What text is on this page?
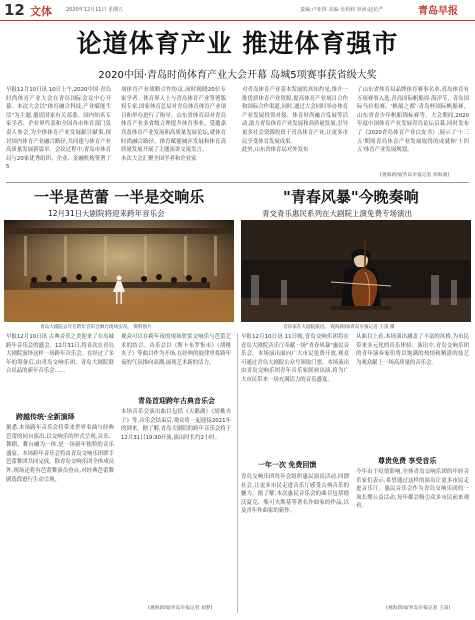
12 文体	2020年12月11日 星期五	责编:卢亚林 美编:吴莉莉 审读:赵仿严	青岛早报
论道体育产业 推进体育强市
2020中国·青岛时尚体育产业大会开幕 岛城5项赛事获省级大奖

早报12月10日讯 10日上午,2020中国·青岛时尚体育产业大会在青岛国际会议中心开幕。本次大会以"体育融合科技,产业赋能生活"为主题,邀请国家有关部委、国内知名专家学者、企业界代表和全国各市体育部门负责人参会,为全体体育产业发展献计献策,探讨国内体育产业融合路径,共同建与体育产业高质量发展新篇章。会议过程中,青岛市体育局与20家优秀组织、企业、金融机构签署了5

项体育产业战略合作协议,同时揭晓20位专家学者。体育界人士与青岛体育产业签署版权专家,国家体育总局对青岛体育体育产业项目和举办进行了指导。山东省体育局对青岛体育产业多省级合理提升体育事业。受邀嘉宾及体育产业发展和高质量发展论坛,就体育时尚融合路径、体育赋能城区发展和体育高质量发展开展了主题演讲交流发言。

本次大会汇聚全国学者和企业家

对青岛体育产业基本发展的真知灼见,推介一批优质体育产业资源,提高体育产业项目合作和国际合作渠道,同时,通过大会同时举办体育产业发展投资对接、体育时尚融合发展等活动,助力青岛体育产业发展和高质量发展,引导更多社会资源投资于青岛体育产业,让更多市民享受体育发展成果。

此外,山东省体育局对外发布

了山东省体育局品牌体育赛事名单,青岛体育有五项赛事入选,青岛国际帆船周·海洋节、青岛国际马拉松赛、'帆船之都'·青岛杯国际帆船赛、山东省青少年帆船锦标赛等。大会期间,2020年度中国体育产业发展青岛论坛启幕,同时发布了《2020青岛体育产业白皮书》,展示了'十三五'期间青岛体育产业发展取得的成就和'十四五'体育产业发展规划。

(观海新闻/青岛早报记者 徐海骏)
一半是芭蕾 一半是交响乐
12月31日大剧院将迎来跨年音乐会
"青春风暴"今晚奏响
青交青乐惠民系列在大剧院上演免费专场演出
青岛大剧院去年在跨年音乐会舞台现场实况。 资料图片	音乐家在大剧院演出。 观海新闻/青岛早报记者 王雷 摄

早报12月10日讯 古典音乐之美迎来了在岛城跨年音乐会的盛会。12月31日,将首次在青岛大剧院演绎这样一场跨年音乐会。在经过了多年的筹备后,由青岛交响乐团、青岛大剧院联合出品的新年音乐会……

跨越传统·全新演绎

据悉,本场跨年音乐会将带来世界名曲与经典芭蕾的同台演出,以交响乐的形式呈现,音乐、舞蹈、舞台融为一体,是一场新年独特的音乐盛宴。本场跨年音乐会将由青岛交响乐团联手芭蕾舞团共同完成。除青岛交响乐团全体成员外,现场还将有芭蕾舞演员登台,对经典芭蕾舞剧选段进行生动呈现。

观众可以在跨年夜的现场欣赏交响乐与芭蕾艺术的结合。音乐会以《斯卡布罗集市》《胡桃夹子》等曲目作为开场,在经典的旋律里将跨年夜的气氛推向高潮,展现艺术新的活力。

青岛首迎跨年古典音乐会

本场音乐会演出曲目包括《天鹅湖》《胡桃夹子》等,音乐会结束后,观众将一起迎接2021年的到来。据了解,青岛大剧院的跨年音乐会将于12月31日19:30开演,演出时长约2小时。

(观海新闻/青岛早报记者 刘梦)

早报12月10日讯 11日晚,青岛交响乐团将在青岛大剧院音乐厅奉献一场"青春风暴"惠民音乐会。本场演出面向广大市民免费开放,观众可通过青岛大剧院公众号领取门票。本场演出由青岛交响乐团青年音乐家联袂出演,将为广大市民带来一场充满活力的音乐盛宴。

一年一次 免费回馈

青岛交响乐团每年会组织惠民演出活动,回馈社会,让更多市民走进音乐厅感受古典音乐的魅力。据了解,本次惠民音乐会的曲目包括德沃夏克、柴可夫斯基等著名作曲家的作品,以及青年作曲家的新作。

从曲目上看,本场演出涵盖了丰富的风格,为市民带来多元化的音乐体验。演出中,青岛交响乐团的青年演奏家们将以饱满的热情和精湛的技艺为观众献上一场高质量的音乐会。

尊贵免费 享受音乐

今年由于疫情影响,全体青岛交响乐团的年轻音乐家们表示,希望通过这样的演出让更多市民走进音乐厅。惠民音乐会作为青岛交响乐团的一项长期公益活动,每年都会吸引众多市民前来观看。

(观海新闻/青岛早报记者 王雷)
